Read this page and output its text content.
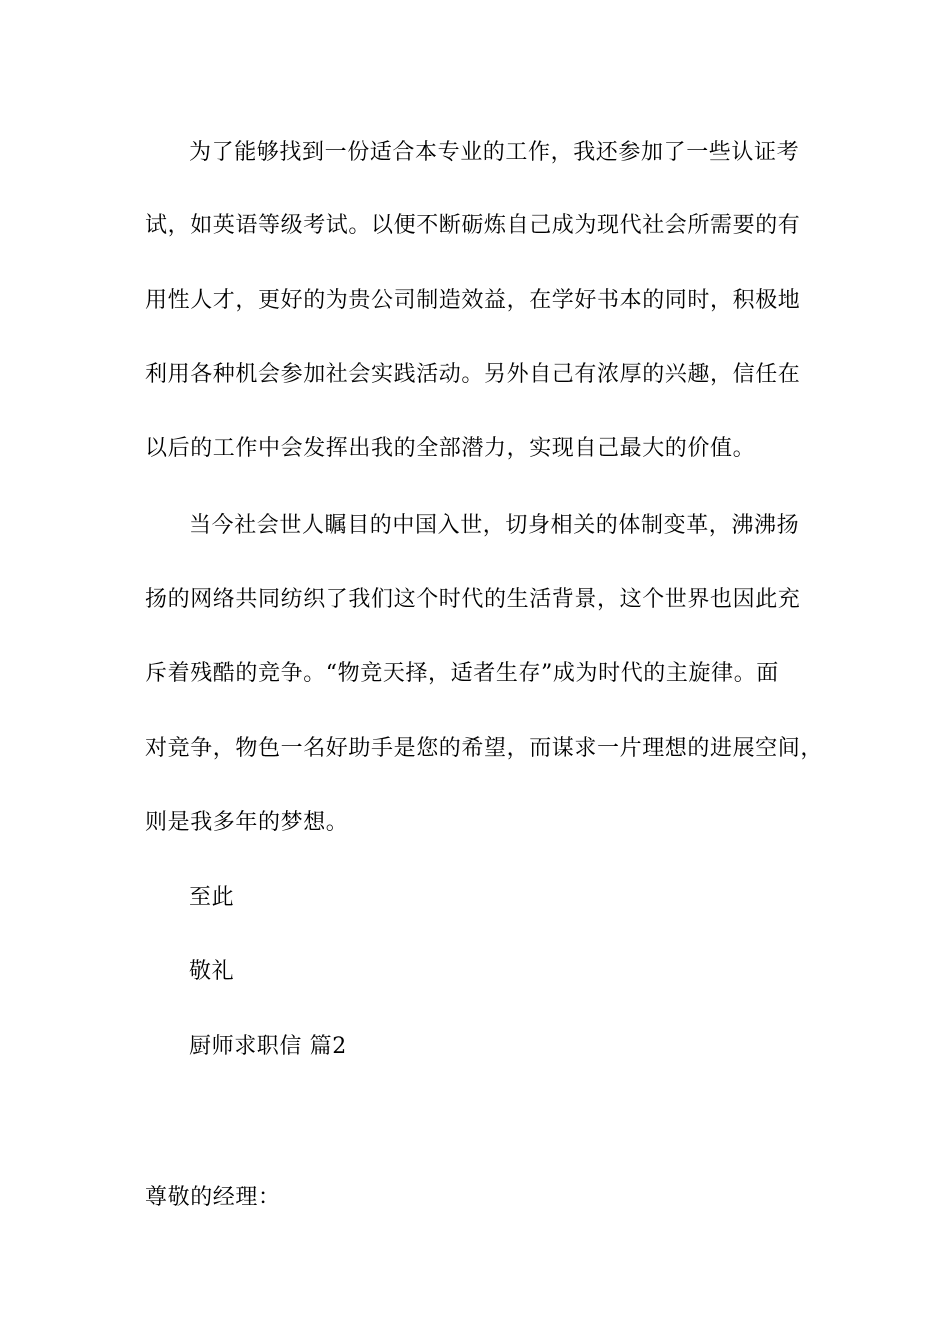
为了能够找到一份适合本专业的工作，我还参加了一些认证考
试，如英语等级考试。以便不断砺炼自己成为现代社会所需要的有
用性人才，更好的为贵公司制造效益，在学好书本的同时，积极地
利用各种机会参加社会实践活动。另外自己有浓厚的兴趣，信任在
以后的工作中会发挥出我的全部潜力，实现自己最大的价值。
当今社会世人瞩目的中国入世，切身相关的体制变革，沸沸扬
扬的网络共同纺织了我们这个时代的生活背景，这个世界也因此充
斥着残酷的竞争。“物竞天择，适者生存”成为时代的主旋律。面
对竞争，物色一名好助手是您的希望，而谋求一片理想的进展空间，
则是我多年的梦想。
至此
敬礼
厨师求职信 篇2
尊敬的经理：
